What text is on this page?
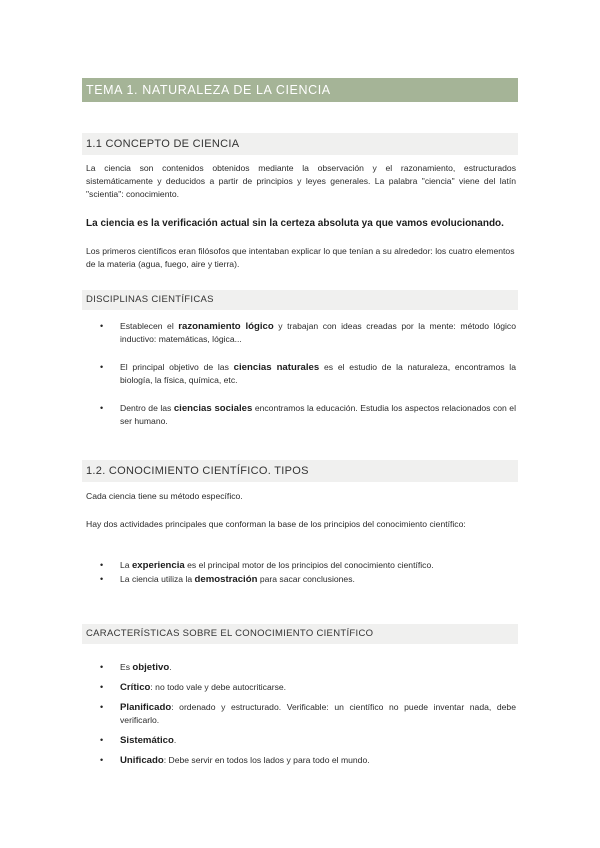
TEMA 1. NATURALEZA DE LA CIENCIA
1.1 CONCEPTO DE CIENCIA

La ciencia son contenidos obtenidos mediante la observación y el razonamiento, estructurados sistemáticamente y deducidos a partir de principios y leyes generales. La palabra "ciencia" viene del latín "scientia": conocimiento.

La ciencia es la verificación actual sin la certeza absoluta ya que vamos evolucionando.

Los primeros científicos eran filósofos que intentaban explicar lo que tenían a su alrededor: los cuatro elementos de la materia (agua, fuego, aire y tierra).

DISCIPLINAS CIENTÍFICAS
• Establecen el razonamiento lógico y trabajan con ideas creadas por la mente: método lógico inductivo: matemáticas, lógica...

• El principal objetivo de las ciencias naturales es el estudio de la naturaleza, encontramos la biología, la física, química, etc.

• Dentro de las ciencias sociales encontramos la educación. Estudia los aspectos relacionados con el ser humano.

1.2. CONOCIMIENTO CIENTÍFICO. TIPOS

Cada ciencia tiene su método específico.

Hay dos actividades principales que conforman la base de los principios del conocimiento científico:

• La experiencia es el principal motor de los principios del conocimiento científico.

• La ciencia utiliza la demostración para sacar conclusiones.

CARACTERÍSTICAS SOBRE EL CONOCIMIENTO CIENTÍFICO
• Es objetivo.

• Crítico: no todo vale y debe autocriticarse.

• Planificado: ordenado y estructurado. Verificable: un científico no puede inventar nada, debe verificarlo.

• Sistemático.

• Unificado: Debe servir en todos los lados y para todo el mundo.
